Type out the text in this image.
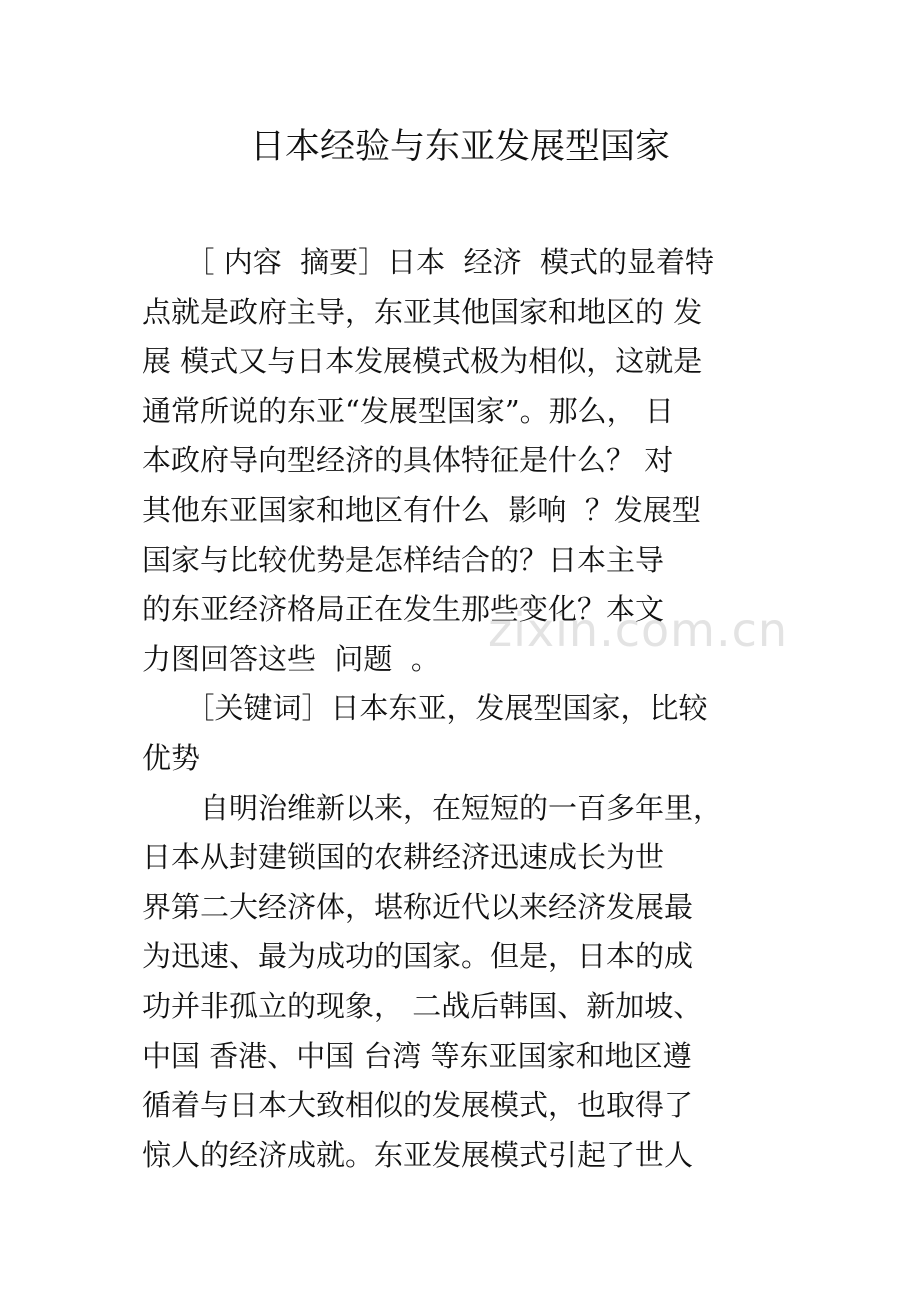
日本经验与东亚发展型国家
zixin.com.cn
　　［ 内容  摘要］日本  经济  模式的显着特
点就是政府主导，东亚其他国家和地区的 发
展 模式又与日本发展模式极为相似，这就是
通常所说的东亚“发展型国家”。那么， 日
本政府导向型经济的具体特征是什么？ 对
其他东亚国家和地区有什么  影响  ？发展型
国家与比较优势是怎样结合的？日本主导
的东亚经济格局正在发生那些变化？本文
力图回答这些  问题  。
　　［关键词］日本东亚，发展型国家，比较
优势
　　自明治维新以来，在短短的一百多年里，
日本从封建锁国的农耕经济迅速成长为世
界第二大经济体，堪称近代以来经济发展最
为迅速、最为成功的国家。但是，日本的成
功并非孤立的现象， 二战后韩国、新加坡、
中国 香港、中国 台湾 等东亚国家和地区遵
循着与日本大致相似的发展模式，也取得了
惊人的经济成就。东亚发展模式引起了世人
